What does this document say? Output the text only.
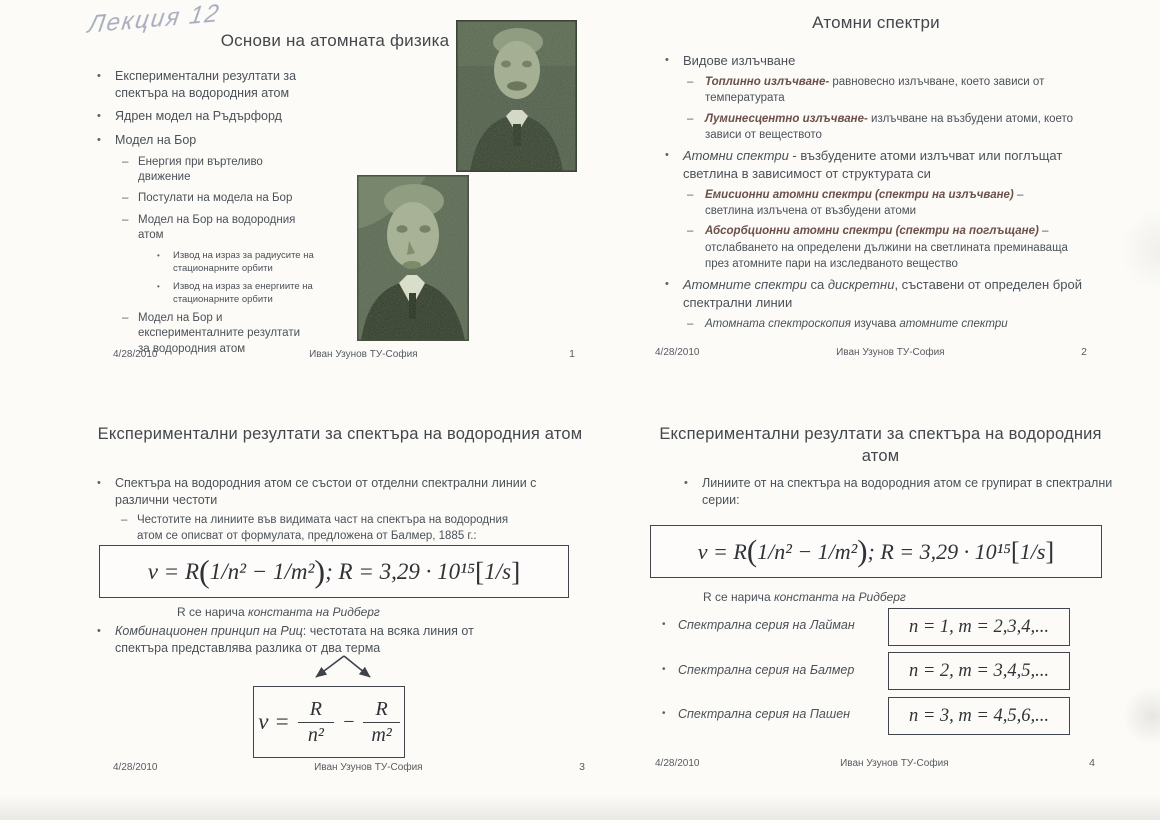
Лекция 12
Основи на атомната физика
• Експериментални резултати за спектъра на водородния атом
• Ядрен модел на Ръдърфорд
• Модел на Бор
– Енергия при въртеливо движение
– Постулати на модела на Бор
– Модел на Бор на водородния атом
• Извод на израз за радиусите на стационарните орбити
• Извод на израз за енергиите на стационарните орбити
– Модел на Бор и експерименталните резултати за водородния атом
4/28/2010	Иван Узунов ТУ-София	1
Атомни спектри
• Видове излъчване
– Топлинно излъчване- равновесно излъчване, което зависи от температурата
– Луминесцентно излъчване- излъчване на възбудени атоми, което зависи от веществото
• Атомни спектри - възбудените атоми излъчват или поглъщат светлина в зависимост от структурата си
– Емисионни атомни спектри (спектри на излъчване) – светлина излъчена от възбудени атоми
– Абсорбционни атомни спектри (спектри на поглъщане) – отслабването на определени дължини на светлината преминаваща през атомните пари на изследваното вещество
• Атомните спектри са дискретни, съставени от определен брой спектрални линии
– Атомната спектроскопия изучава атомните спектри
4/28/2010	Иван Узунов ТУ-София	2
Експериментални резултати за спектъра на водородния атом
• Спектъра на водородния атом се състои от отделни спектрални линии с различни честоти
– Честотите на линиите във видимата част на спектъра на водородния атом се описват от формулата, предложена от Балмер, 1885 г.:
ν = R ( 1/n² − 1/m² ) ; R = 3,29 · 10¹⁵ [ 1/s ]
R се нарича константа на Ридберг
• Комбинационен принцип на Риц: честотата на всяка линия от спектъра представлява разлика от два терма
$\nu = \frac{R}{\text{n²}} - \frac{R}{\text{m²}}$
4/28/2010	Иван Узунов ТУ-София	3
Експериментални резултати за спектъра на водородния атом
• Линиите от на спектъра на водородния атом се групират в спектрални серии:
ν = R ( 1/n² − 1/m² ) ; R = 3,29 · 10¹⁵ [ 1/s ]
R се нарича константа на Ридберг
• Спектрална серия на Лайман	n = 1, m = 2,3,4,...
• Спектрална серия на Балмер	n = 2, m = 3,4,5,...
• Спектрална серия на Пашен	n = 3, m = 4,5,6,...
4/28/2010	Иван Узунов ТУ-София	4
